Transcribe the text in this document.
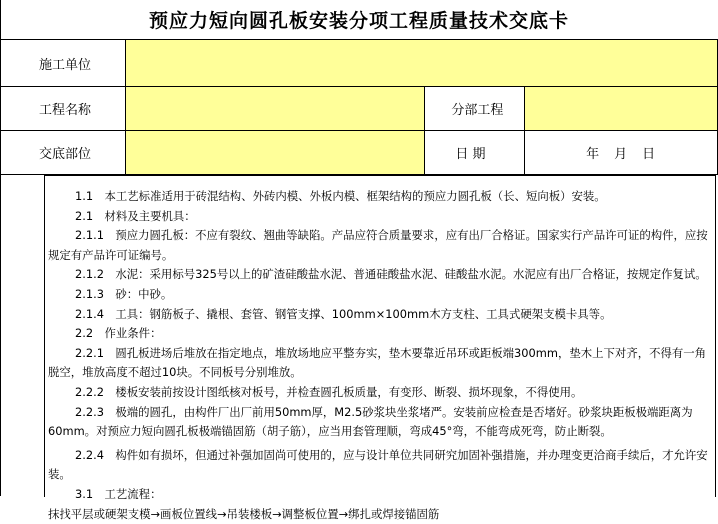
预应力短向圆孔板安装分项工程质量技术交底卡
施工单位			
工程名称		分部工程	
交底部位		日 期	年　月　日

1.1　本工艺标准适用于砖混结构、外砖内模、外板内模、框架结构的预应力圆孔板（长、短向板）安装。

2.1　材料及主要机具：

2.1.1　预应力圆孔板：不应有裂纹、翘曲等缺陷。产品应符合质量要求，应有出厂合格证。国家实行产品许可证的构件，应按规定有产品许可证编号。

2.1.2　水泥：采用标号325号以上的矿渣硅酸盐水泥、普通硅酸盐水泥、硅酸盐水泥。水泥应有出厂合格证，按规定作复试。

2.1.3　砂：中砂。

2.1.4　工具：钢筋板子、撬根、套管、钢管支撑、100mm×100mm木方支柱、工具式硬架支模卡具等。

2.2　作业条件：

2.2.1　圆孔板进场后堆放在指定地点，堆放场地应平整夯实，垫木要靠近吊环或距板端300mm，垫木上下对齐，不得有一角脱空，堆放高度不超过10块。不同板号分别堆放。

2.2.2　楼板安装前按设计图纸核对板号，并检查圆孔板质量，有变形、断裂、损坏现象，不得使用。

2.2.3　极端的圆孔，由构件厂出厂前用50mm厚，M2.5砂浆块坐浆堵严。安装前应检查是否堵好。砂浆块距板极端距离为60mm。对预应力短向圆孔板极端锚固筋（胡子筋），应当用套管理顺，弯成45°弯，不能弯成死弯，防止断裂。

2.2.4　构件如有损坏，但通过补强加固尚可使用的，应与设计单位共同研究加固补强措施，并办理变更洽商手续后，才允许安装。

3.1　工艺流程：

抹找平层或硬架支模→画板位置线→吊装楼板→调整板位置→绑扎或焊接锚固筋
